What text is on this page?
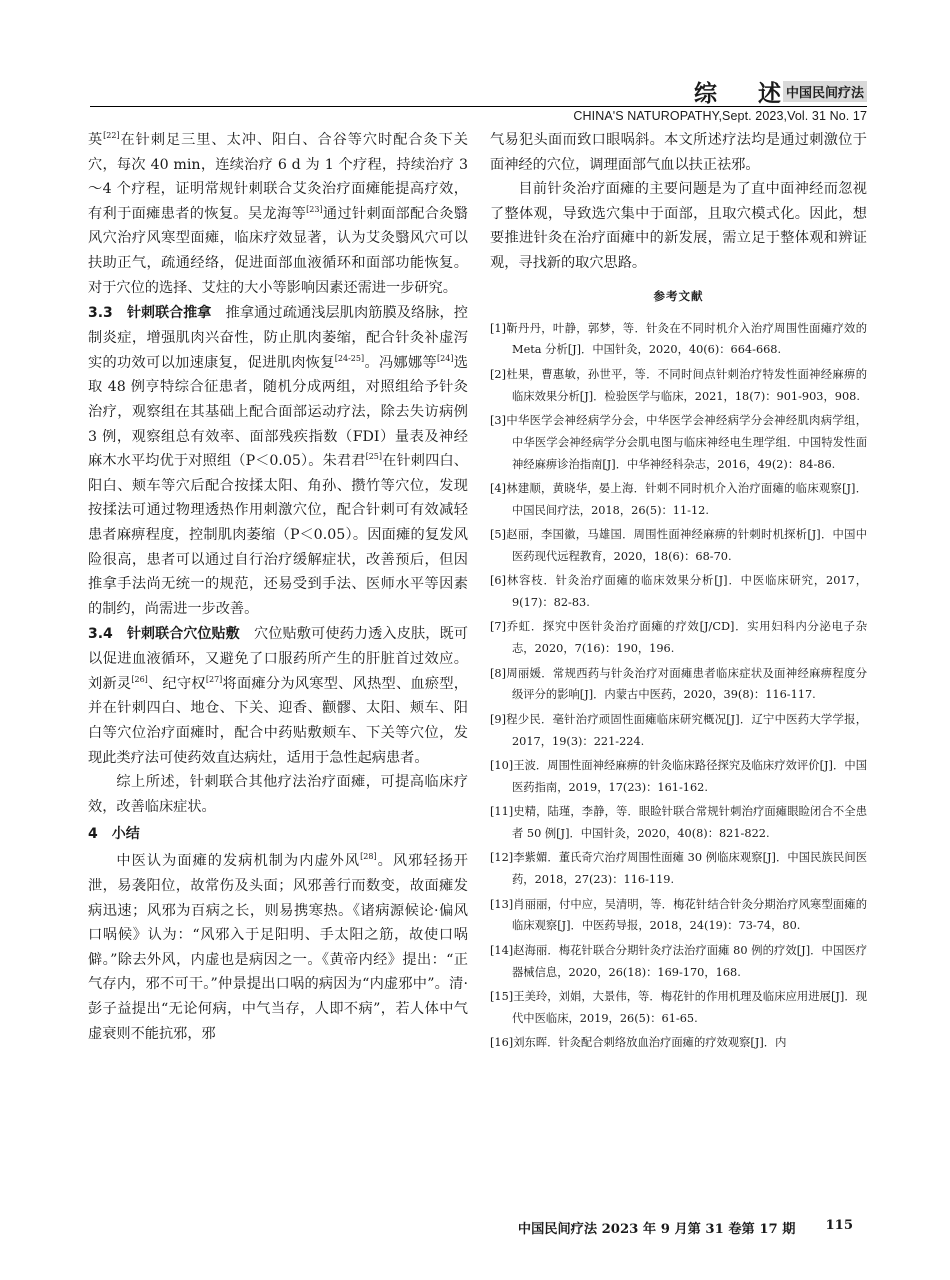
综 述 中国民间疗法
CHINA'S NATUROPATHY,Sept. 2023,Vol. 31 No. 17

英[22]在针刺足三里、太冲、阳白、合谷等穴时配合灸下关穴，每次 40 min，连续治疗 6 d 为 1 个疗程，持续治疗 3～4 个疗程，证明常规针刺联合艾灸治疗面瘫能提高疗效，有利于面瘫患者的恢复。吴龙海等[23]通过针刺面部配合灸翳风穴治疗风寒型面瘫，临床疗效显著，认为艾灸翳风穴可以扶助正气，疏通经络，促进面部血液循环和面部功能恢复。对于穴位的选择、艾炷的大小等影响因素还需进一步研究。

3.3　针刺联合推拿　推拿通过疏通浅层肌肉筋膜及络脉，控制炎症，增强肌肉兴奋性，防止肌肉萎缩，配合针灸补虚泻实的功效可以加速康复，促进肌肉恢复[24-25]。冯娜娜等[24]选取 48 例亨特综合征患者，随机分成两组，对照组给予针灸治疗，观察组在其基础上配合面部运动疗法，除去失访病例 3 例，观察组总有效率、面部残疾指数（FDI）量表及神经麻木水平均优于对照组（P＜0.05）。朱君君[25]在针刺四白、阳白、颊车等穴后配合按揉太阳、角孙、攒竹等穴位，发现按揉法可通过物理透热作用刺激穴位，配合针刺可有效减轻患者麻痹程度，控制肌肉萎缩（P＜0.05）。因面瘫的复发风险很高，患者可以通过自行治疗缓解症状，改善预后，但因推拿手法尚无统一的规范，还易受到手法、医师水平等因素的制约，尚需进一步改善。

3.4　针刺联合穴位贴敷　穴位贴敷可使药力透入皮肤，既可以促进血液循环，又避免了口服药所产生的肝脏首过效应。刘新灵[26]、纪守权[27]将面瘫分为风寒型、风热型、血瘀型，并在针刺四白、地仓、下关、迎香、颧髎、太阳、颊车、阳白等穴位治疗面瘫时，配合中药贴敷颊车、下关等穴位，发现此类疗法可使药效直达病灶，适用于急性起病患者。

综上所述，针刺联合其他疗法治疗面瘫，可提高临床疗效，改善临床症状。

4　小结

中医认为面瘫的发病机制为内虚外风[28]。风邪轻扬开泄，易袭阳位，故常伤及头面；风邪善行而数变，故面瘫发病迅速；风邪为百病之长，则易携寒热。《诸病源候论·偏风口㖞候》认为：“风邪入于足阳明、手太阳之筋，故使口㖞僻。”除去外风，内虚也是病因之一。《黄帝内经》提出：“正气存内，邪不可干。”仲景提出口㖞的病因为“内虚邪中”。清·彭子益提出“无论何病，中气当存，人即不病”，若人体中气虚衰则不能抗邪，邪

气易犯头面而致口眼㖞斜。本文所述疗法均是通过刺激位于面神经的穴位，调理面部气血以扶正祛邪。

目前针灸治疗面瘫的主要问题是为了直中面神经而忽视了整体观，导致选穴集中于面部，且取穴模式化。因此，想要推进针灸在治疗面瘫中的新发展，需立足于整体观和辨证观，寻找新的取穴思路。

参考文献

[1]靳丹丹，叶静，郭梦，等．针灸在不同时机介入治疗周围性面瘫疗效的 Meta 分析[J]．中国针灸，2020，40(6)：664-668.

[2]杜果，曹惠敏，孙世平，等．不同时间点针刺治疗特发性面神经麻痹的临床效果分析[J]．检验医学与临床，2021，18(7)：901-903，908.

[3]中华医学会神经病学分会，中华医学会神经病学分会神经肌肉病学组，中华医学会神经病学分会肌电图与临床神经电生理学组．中国特发性面神经麻痹诊治指南[J]．中华神经科杂志，2016，49(2)：84-86.

[4]林建顺，黄晓华，晏上海．针刺不同时机介入治疗面瘫的临床观察[J]．中国民间疗法，2018，26(5)：11-12.

[5]赵丽，李国徽，马雄国．周围性面神经麻痹的针刺时机探析[J]．中国中医药现代远程教育，2020，18(6)：68-70.

[6]林容枝．针灸治疗面瘫的临床效果分析[J]．中医临床研究，2017，9(17)：82-83.

[7]乔虹．探究中医针灸治疗面瘫的疗效[J/CD]．实用妇科内分泌电子杂志，2020，7(16)：190，196.

[8]周丽媛．常规西药与针灸治疗对面瘫患者临床症状及面神经麻痹程度分级评分的影响[J]．内蒙古中医药，2020，39(8)：116-117.

[9]程少民．毫针治疗顽固性面瘫临床研究概况[J]．辽宁中医药大学学报，2017，19(3)：221-224.

[10]王波．周围性面神经麻痹的针灸临床路径探究及临床疗效评价[J]．中国医药指南，2019，17(23)：161-162.

[11]史精，陆瑾，李静，等．眼睑针联合常规针刺治疗面瘫眼睑闭合不全患者 50 例[J]．中国针灸，2020，40(8)：821-822.

[12]李紫媚．董氏奇穴治疗周围性面瘫 30 例临床观察[J]．中国民族民间医药，2018，27(23)：116-119.

[13]肖丽丽，付中应，吴清明，等．梅花针结合针灸分期治疗风寒型面瘫的临床观察[J]．中医药导报，2018，24(19)：73-74，80.

[14]赵海丽．梅花针联合分期针灸疗法治疗面瘫 80 例的疗效[J]．中国医疗器械信息，2020，26(18)：169-170，168.

[15]王美玲，刘娟，大景伟，等．梅花针的作用机理及临床应用进展[J]．现代中医临床，2019，26(5)：61-65.

[16]刘东晖．针灸配合刺络放血治疗面瘫的疗效观察[J]．内

中国民间疗法 2023 年 9 月第 31 卷第 17 期 115
